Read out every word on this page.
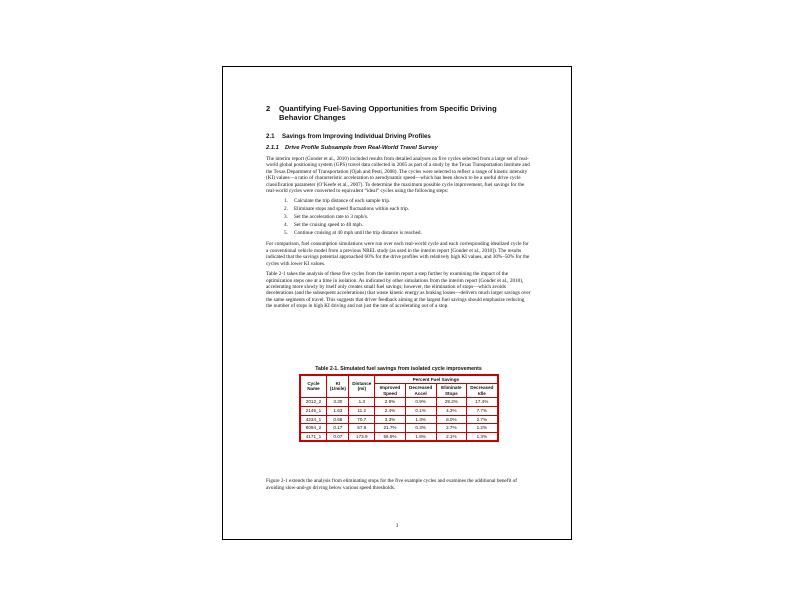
2	Quantifying Fuel-Saving Opportunities from Specific Driving Behavior Changes
2.1	Savings from Improving Individual Driving Profiles
2.1.1	Drive Profile Subsample from Real-World Travel Survey
The interim report (Gonder et al., 2010) included results from detailed analyses on five cycles selected from a large set of real-world global positioning system (GPS) travel data collected in 2005 as part of a study by the Texas Transportation Institute and the Texas Department of Transportation (Ojah and Pesti, 2008). The cycles were selected to reflect a range of kinetic intensity (KI) values—a ratio of characteristic acceleration to aerodynamic speed—which has been shown to be a useful drive cycle classification parameter (O’Keefe et al., 2007). To determine the maximum possible cycle improvement, fuel savings for the real-world cycles were converted to equivalent “ideal” cycles using the following steps:
1.	Calculate the trip distance of each sample trip.
2.	Eliminate stops and speed fluctuations within each trip.
3.	Set the acceleration rate to 3 mph/s.
4.	Set the cruising speed to 40 mph.
5.	Continue cruising at 40 mph until the trip distance is reached.
For comparison, fuel consumption simulations were run over each real-world cycle and each corresponding idealized cycle for a conventional vehicle model from a previous NREL study (as used in the interim report [Gonder et al., 2010]). The results indicated that the savings potential approached 60% for the drive profiles with relatively high KI values, and 30%–50% for the cycles with lower KI values.
Table 2-1 takes the analysis of these five cycles from the interim report a step further by examining the impact of the optimization steps one at a time in isolation. As indicated by other simulations from the interim report (Gonder et al., 2010), accelerating more slowly by itself only creates small fuel savings; however, the elimination of stops—which avoids decelerations (and the subsequent accelerations) that waste kinetic energy as braking losses—delivers much larger savings over the same segments of travel. This suggests that driver feedback aiming at the largest fuel savings should emphasize reducing the number of stops in high KI driving and not just the rate of accelerating out of a stop.
Table 2-1. Simulated fuel savings from isolated cycle improvements
Cycle Name	KI (1/mile)	Distance (mi)	Percent Fuel Savings			
			Improved Speed	Decreased Accel	Eliminate Stops	Decreased Idle
2012_2	3.30	1.3	2.9%	0.9%	29.2%	17.4%
2145_1	1.63	11.2	2.4%	0.1%	4.3%	7.7%
4234_1	0.68	70.7	3.3%	1.3%	8.0%	2.7%
8094_2	0.17	57.8	21.7%	0.3%	2.7%	1.2%
4171_1	0.07	173.9	56.9%	1.8%	2.1%	1.3%
Figure 2-1 extends the analysis from eliminating stops for the five example cycles and examines the additional benefit of avoiding slow-and-go driving below various speed thresholds.
3
